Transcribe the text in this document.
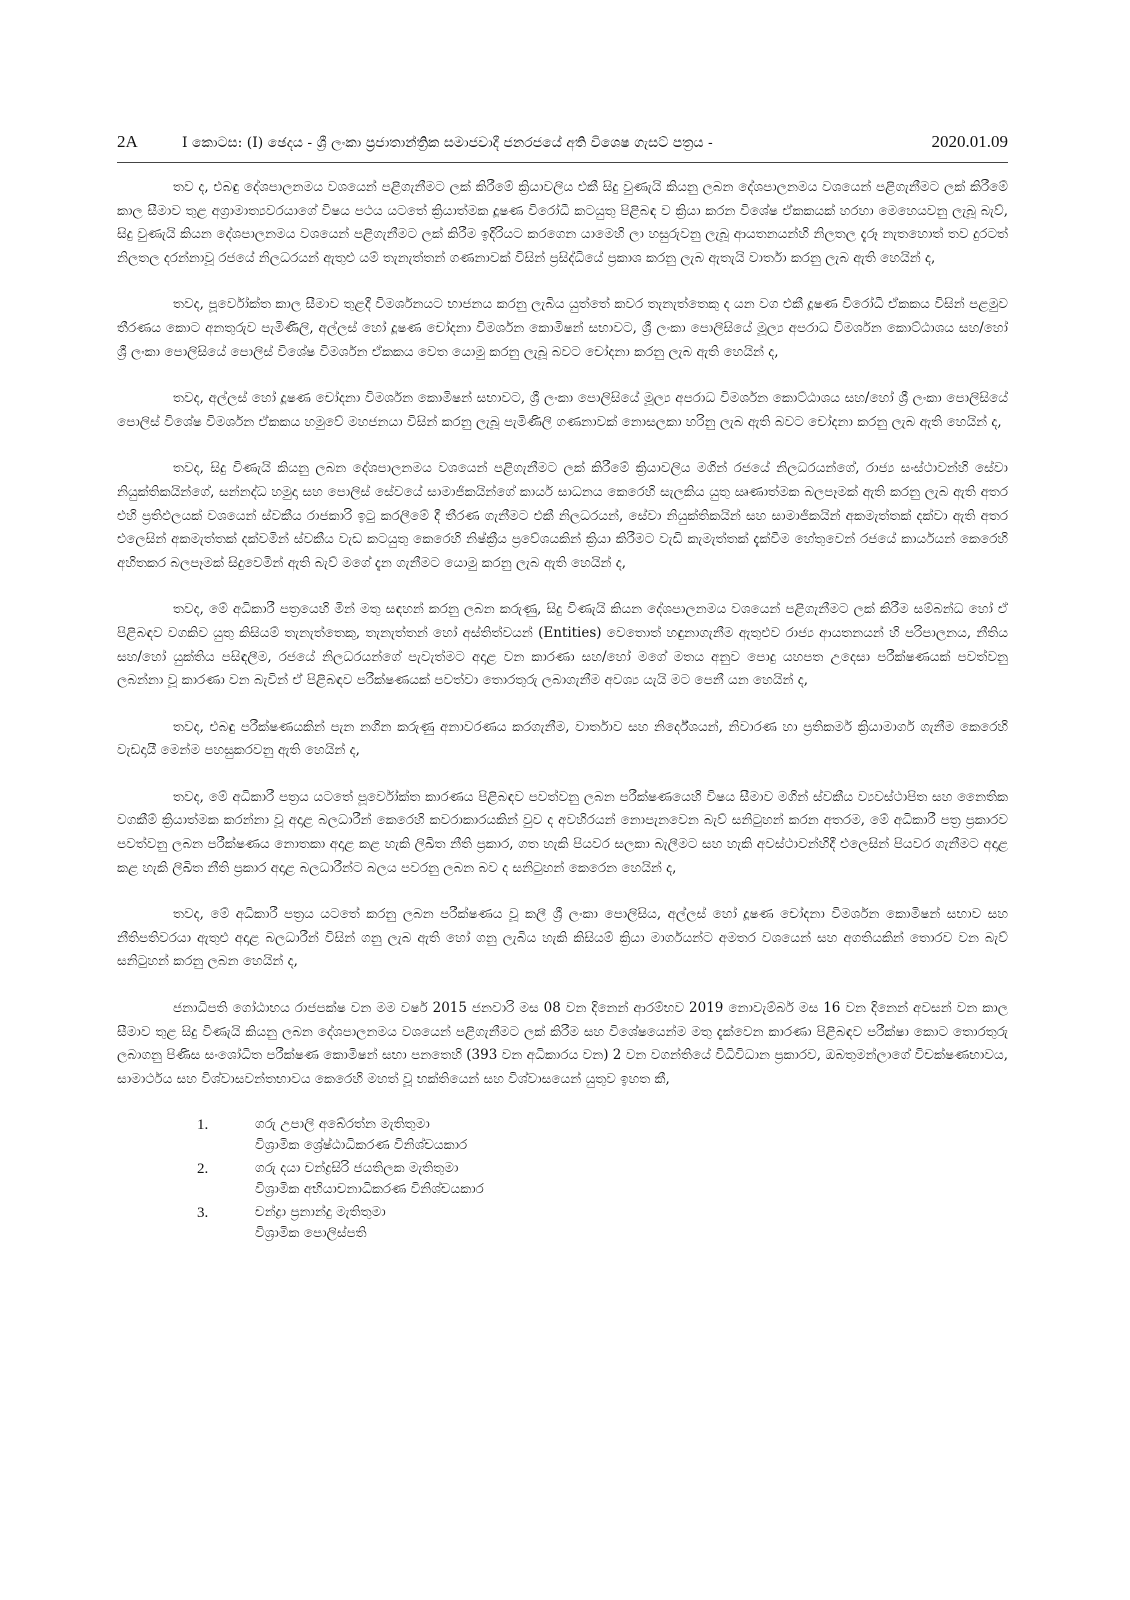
2A	I කොටස: (I) ඡෙදය - ශ්‍රී ලංකා ප්‍රජාතාන්ත්‍රික සමාජවාදී ජනරජයේ අති විශෙෂ ගැසට් පත්‍රය -	2020.01.09

තව ද, එබඳු දේශපාලනමය වශයෙන් පළිගැනීමට ලක් කිරීමේ ක්‍රියාවලිය එකී සිදු වුණැයි කියනු ලබන දේශපාලනමය වශයෙන් පළිගැනීමට ලක් කිරීමේ කාල සීමාව තුළ අග්‍රාමාත්‍යවරයාගේ විෂය පථය යටතේ ක්‍රියාත්මක දූෂණ විරෝධී කටයුතු පිළිබඳ ව ක්‍රියා කරන විශේෂ ඒකකයක් හරහා මෙහෙයවනු ලැබූ බැව්, සිදු වුණැයි කියන දේශපාලනමය වශයෙන් පළිගැනීමට ලක් කිරීම ඉදිරියට කරගෙන යාමෙහි ලා හසුරුවනු ලැබූ ආයතනයන්හි නිලතල දැරූ නැතහොත් තව දුරටත් නිලතල දරන්නාවූ රජයේ නිලධරයන් ඇතුළු යම් තැනැත්තන් ගණනාවක් විසින් ප්‍රසිද්ධියේ ප්‍රකාශ කරනු ලැබ ඇතැයි වාර්තා කරනු ලැබ ඇති හෙයින් ද,

තවද, පූර්වෝක්ත කාල සීමාව තුළදී විමර්ශනයට භාජනය කරනු ලැබිය යුත්තේ කවර තැනැත්තෙකු ද යන වග එකී දූෂණ විරෝධී ඒකකය විසින් පළමුව තීරණය කොට අනතුරුව පැමිණිලි, අල්ලස් හෝ දූෂණ චෝදනා විමර්ශන කොමිෂන් සභාවට, ශ්‍රී ලංකා පොලිසියේ මූල්‍ය අපරාධ විමර්ශන කොට්ඨාශය සහ/හෝ ශ්‍රී ලංකා පොලිසියේ පොලිස් විශේෂ විමර්ශන ඒකකය වෙත යොමු කරනු ලැබූ බවට චෝදනා කරනු ලැබ ඇති හෙයින් ද,

තවද, අල්ලස් හෝ දූෂණ චෝදනා විමර්ශන කොමිෂන් සභාවට, ශ්‍රී ලංකා පොලිසියේ මූල්‍ය අපරාධ විමර්ශන කොට්ඨාශය සහ/හෝ ශ්‍රී ලංකා පොලිසියේ පොලිස් විශේෂ විමර්ශන ඒකකය හමුවේ මහජනයා විසින් කරනු ලැබූ පැමිණිලි ගණනාවක් නොසලකා හරිනු ලැබ ඇති බවට චෝදනා කරනු ලැබ ඇති හෙයින් ද,

තවද, සිදු විණැයි කියනු ලබන දේශපාලනමය වශයෙන් පළිගැනීමට ලක් කිරීමේ ක්‍රියාවලිය මගින් රජයේ නිලධරයන්ගේ, රාජ්‍ය සංස්ථාවන්හි සේවා නියුක්තිකයින්ගේ, සන්නද්ධ හමුදා සහ පොලිස් සේවයේ සාමාජිකයින්ගේ කාර්ය සාධනය කෙරෙහි සැලකිය යුතු ඍණාත්මක බලපෑමක් ඇති කරනු ලැබ ඇති අතර එහි ප්‍රතිඵලයක් වශයෙන් ස්වකීය රාජකාරි ඉටු කරලීමේ දී තීරණ ගැනීමට එකී නිලධරයන්, සේවා නියුක්තිකයින් සහ සාමාජිකයින් අකමැත්තක් දක්වා ඇති අතර එලෙසින් අකමැත්තක් දක්වමින් ස්වකීය වැඩ කටයුතු කෙරෙහි නිෂ්ක්‍රීය ප්‍රවේශයකින් ක්‍රියා කිරීමට වැඩි කැමැත්තක් දැක්වීම හේතුවෙන් රජයේ කාර්යයන් කෙරෙහි අහිතකර බලපෑමක් සිදුවෙමින් ඇති බැව් මගේ දැන ගැනීමට යොමු කරනු ලැබ ඇති හෙයින් ද,

තවද, මේ අධිකාරී පත්‍රයෙහි මින් මතු සඳහන් කරනු ලබන කරුණු, සිදු විණැයි කියන දේශපාලනමය වශයෙන් පළිගැනීමට ලක් කිරීම සම්බන්ධ හෝ ඒ පිළිබඳව වගකිව යුතු කිසියම් තැනැත්තෙකු, තැනැත්තන් හෝ අස්තිත්වයන් (Entities) වෙතොත් හඳුනාගැනීම ඇතුළුව රාජ්‍ය ආයතනයන් හි පරිපාලනය, නීතිය සහ/හෝ යුක්තිය පසිඳලීම, රජයේ නිලධරයන්ගේ පැවැත්මට අදාළ වන කාරණා සහ/හෝ මගේ මතය අනුව පොදු යහපත උදෙසා පරීක්ෂණයක් පවත්වනු ලබන්නා වූ කාරණා වන බැවින් ඒ පිළිබඳව පරීක්ෂණයක් පවත්වා තොරතුරු ලබාගැනීම අවශ්‍ය යැයි මට පෙනී යන හෙයින් ද,

තවද, එබඳු පරීක්ෂණයකින් පැන නගින කරුණු අනාවරණය කරගැනීම, වාර්තාව සහ නිර්දේශයන්, නිවාරණ හා ප්‍රතිකර්ම ක්‍රියාමාර්ග ගැනීම කෙරෙහි වැඩදායී මෙන්ම පහසුකරවනු ඇති හෙයින් ද,

තවද, මේ අධිකාරී පත්‍රය යටතේ පූර්වෝක්ත කාරණය පිළිබඳව පවත්වනු ලබන පරීක්ෂණයෙහි විෂය සීමාව මගින් ස්වකීය ව්‍යවස්ථාපිත සහ නෛතික වගකීම් ක්‍රියාත්මක කරන්නා වූ අදාළ බලධාරීන් කෙරෙහි කවරාකාරයකින් වුව ද අවහිරයන් නොපැනවෙන බැව් සනිටුහන් කරන අතරම, මේ අධිකාරී පත්‍ර ප්‍රකාරව පවත්වනු ලබන පරීක්ෂණය නොතකා අදාළ කළ හැකි ලිඛිත නීති ප්‍රකාර, ගත හැකි පියවර සලකා බැලීමට සහ හැකි අවස්ථාවන්හිදී එලෙසින් පියවර ගැනීමට අදාළ කළ හැකි ලිඛිත නීති ප්‍රකාර අදාළ බලධාරීන්ට බලය පවරනු ලබන බව ද සනිටුහන් කෙරෙන හෙයින් ද,

තවද, මේ අධිකාරී පත්‍රය යටතේ කරනු ලබන පරීක්ෂණය වූ කලී ශ්‍රී ලංකා පොලිසිය, අල්ලස් හෝ දූෂණ චෝදනා විමර්ශන කොමිෂන් සභාව සහ නීතිපතිවරයා ඇතුළු අදාළ බලධාරීන් විසින් ගනු ලැබ ඇති හෝ ගනු ලැබිය හැකි කිසියම් ක්‍රියා මාර්ගයන්ට අමතර වශයෙන් සහ අගතියකින් තොරව වන බැව් සනිටුහන් කරනු ලබන හෙයින් ද,

ජනාධිපති ගෝඨාභය රාජපක්ෂ වන මම වර්ෂ 2015 ජනවාරි මස 08 වන දිනෙන් ආරම්භව 2019 නොවැම්බර් මස 16 වන දිනෙන් අවසන් වන කාල සීමාව තුළ සිදු විණැයි කියනු ලබන දේශපාලනමය වශයෙන් පළිගැනීමට ලක් කිරීම සහ විශේෂයෙන්ම මතු දැක්වෙන කාරණා පිළිබඳව පරීක්ෂා කොට තොරතුරු ලබාගනු පිණිස සංශෝධිත පරීක්ෂණ කොමිෂන් සභා පනතෙහි (393 වන අධිකාරය වන) 2 වන වගන්තියේ විධිවිධාන ප්‍රකාරව, ඔබතුමන්ලාගේ විචක්ෂණභාවය, සාමාර්ථය සහ විශ්වාසවන්තභාවය කෙරෙහි මහත් වූ භක්තියෙන් සහ විශ්වාසයෙන් යුතුව ඉහත කී,

1.	ගරු උපාලි අබේරත්න මැතිතුමා
විශ්‍රාමික ශ්‍රේෂ්ඨාධිකරණ විනිශ්චයකාර
2.	ගරු දයා චන්ද්‍රසිරි ජයතිලක මැතිතුමා
විශ්‍රාමික අභියාචනාධිකරණ විනිශ්චයකාර
3.	චන්ද්‍රා ප්‍රනාන්දු මැතිතුමා
විශ්‍රාමික පොලිස්පති
